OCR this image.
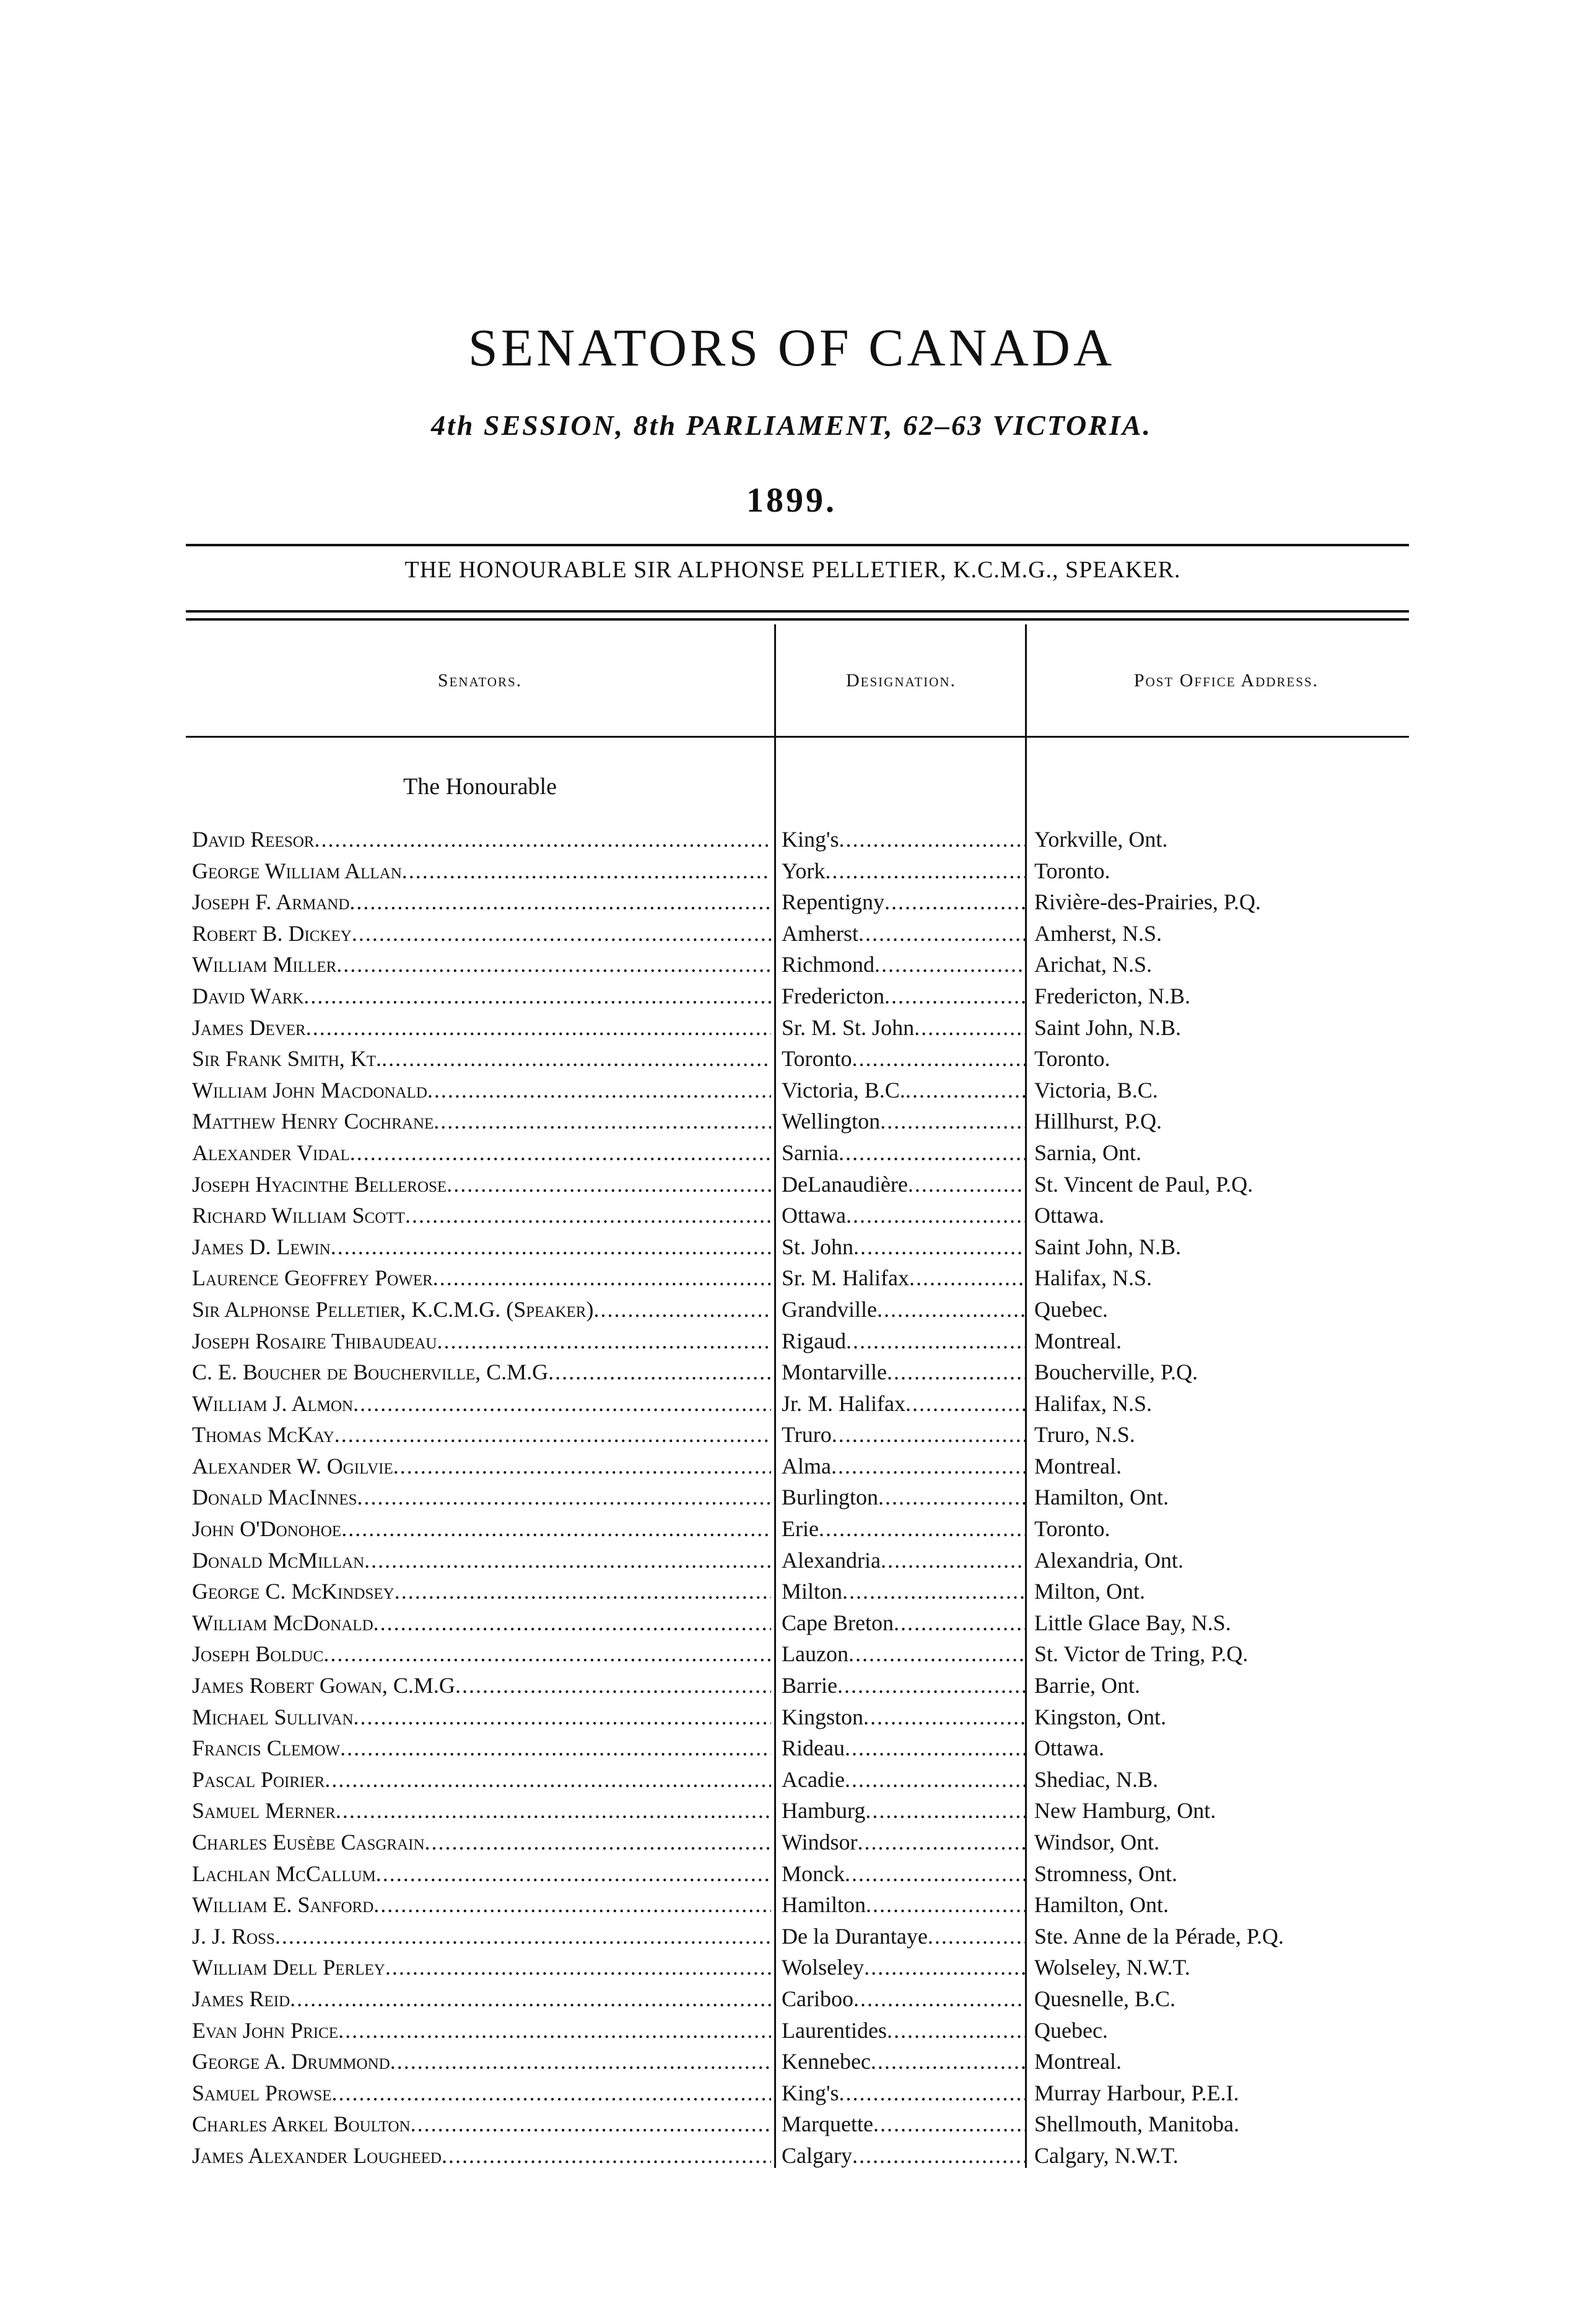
SENATORS OF CANADA
4th SESSION, 8th PARLIAMENT, 62–63 VICTORIA.
1899.
THE HONOURABLE SIR ALPHONSE PELLETIER, K.C.M.G., SPEAKER.
Senators.	Designation.	Post Office Address.
The Honourable
David Reesor .....	King's .....	Yorkville, Ont.
George William Allan .....	York .....	Toronto.
Joseph F. Armand .....	Repentigny .....	Rivière-des-Prairies, P.Q.
Robert B. Dickey .....	Amherst .....	Amherst, N.S.
William Miller .....	Richmond .....	Arichat, N.S.
David Wark .....	Fredericton .....	Fredericton, N.B.
James Dever .....	Sr. M. St. John .....	Saint John, N.B.
Sir Frank Smith, Kt. .....	Toronto .....	Toronto.
William John Macdonald .....	Victoria, B.C. .....	Victoria, B.C.
Matthew Henry Cochrane .....	Wellington .....	Hillhurst, P.Q.
Alexander Vidal .....	Sarnia .....	Sarnia, Ont.
Joseph Hyacinthe Bellerose .....	DeLanaudière .....	St. Vincent de Paul, P.Q.
Richard William Scott .....	Ottawa .....	Ottawa.
James D. Lewin .....	St. John .....	Saint John, N.B.
Laurence Geoffrey Power .....	Sr. M. Halifax .....	Halifax, N.S.
Sir Alphonse Pelletier, K.C.M.G. (Speaker) .....	Grandville .....	Quebec.
Joseph Rosaire Thibaudeau .....	Rigaud .....	Montreal.
C. E. Boucher de Boucherville, C.M.G .....	Montarville .....	Boucherville, P.Q.
William J. Almon .....	Jr. M. Halifax .....	Halifax, N.S.
Thomas McKay .....	Truro .....	Truro, N.S.
Alexander W. Ogilvie .....	Alma .....	Montreal.
Donald MacInnes .....	Burlington .....	Hamilton, Ont.
John O'Donohoe .....	Erie .....	Toronto.
Donald McMillan .....	Alexandria .....	Alexandria, Ont.
George C. McKindsey .....	Milton .....	Milton, Ont.
William McDonald .....	Cape Breton .....	Little Glace Bay, N.S.
Joseph Bolduc .....	Lauzon .....	St. Victor de Tring, P.Q.
James Robert Gowan, C.M.G .....	Barrie .....	Barrie, Ont.
Michael Sullivan .....	Kingston .....	Kingston, Ont.
Francis Clemow .....	Rideau .....	Ottawa.
Pascal Poirier .....	Acadie .....	Shediac, N.B.
Samuel Merner .....	Hamburg .....	New Hamburg, Ont.
Charles Eusèbe Casgrain .....	Windsor .....	Windsor, Ont.
Lachlan McCallum .....	Monck .....	Stromness, Ont.
William E. Sanford .....	Hamilton .....	Hamilton, Ont.
J. J. Ross .....	De la Durantaye .....	Ste. Anne de la Pérade, P.Q.
William Dell Perley .....	Wolseley .....	Wolseley, N.W.T.
James Reid .....	Cariboo .....	Quesnelle, B.C.
Evan John Price .....	Laurentides .....	Quebec.
George A. Drummond .....	Kennebec .....	Montreal.
Samuel Prowse .....	King's .....	Murray Harbour, P.E.I.
Charles Arkel Boulton .....	Marquette .....	Shellmouth, Manitoba.
James Alexander Lougheed .....	Calgary .....	Calgary, N.W.T.
